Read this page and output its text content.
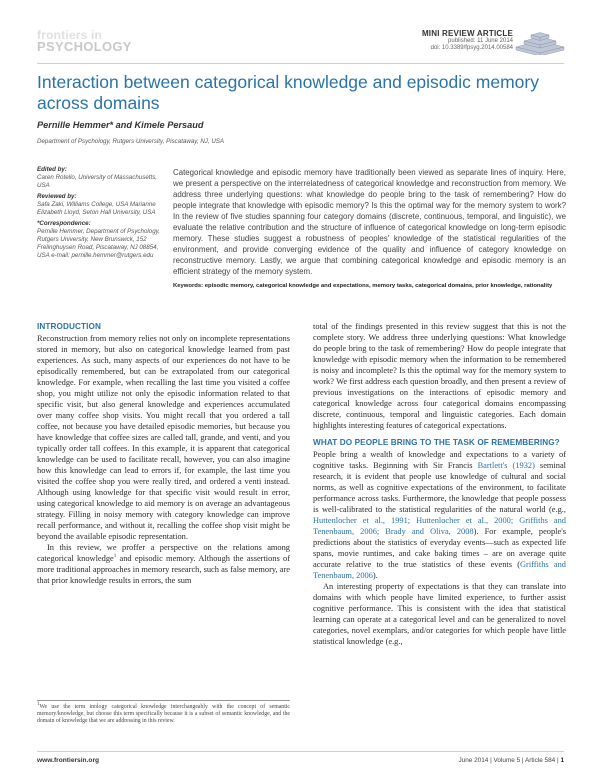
frontiers in
PSYCHOLOGY
MINI REVIEW ARTICLE
published: 11 June 2014
doi: 10.3389/fpsyg.2014.00584
Interaction between categorical knowledge and episodic memory across domains
Pernille Hemmer* and Kimele Persaud
Department of Psychology, Rutgers University, Piscataway, NJ, USA
Edited by:
Caren Rotello, University of Massachusetts, USA
Reviewed by:
Safa Zaki, Williams College, USA Marianne Elizabeth Lloyd, Seton Hall University, USA
*Correspondence:
Pernille Hemmer, Department of Psychology, Rutgers University, New Brunswick, 152 Frelinghuysen Road, Piscataway, NJ 08854, USA e-mail: pernille.hemmer@rutgers.edu

Categorical knowledge and episodic memory have traditionally been viewed as separate lines of inquiry. Here, we present a perspective on the interrelatedness of categorical knowledge and reconstruction from memory. We address three underlying questions: what knowledge do people bring to the task of remembering? How do people integrate that knowledge with episodic memory? Is this the optimal way for the memory system to work? In the review of five studies spanning four category domains (discrete, continuous, temporal, and linguistic), we evaluate the relative contribution and the structure of influence of categorical knowledge on long-term episodic memory. These studies suggest a robustness of peoples' knowledge of the statistical regularities of the environment, and provide converging evidence of the quality and influence of category knowledge on reconstructive memory. Lastly, we argue that combining categorical knowledge and episodic memory is an efficient strategy of the memory system.

Keywords: episodic memory, categorical knowledge and expectations, memory tasks, categorical domains, prior knowledge, rationality
INTRODUCTION

Reconstruction from memory relies not only on incomplete representations stored in memory, but also on categorical knowledge learned from past experiences. As such, many aspects of our experiences do not have to be episodically remembered, but can be extrapolated from our categorical knowledge. For example, when recalling the last time you visited a coffee shop, you might utilize not only the episodic information related to that specific visit, but also general knowledge and experiences accumulated over many coffee shop visits. You might recall that you ordered a tall coffee, not because you have detailed episodic memories, but because you have knowledge that coffee sizes are called tall, grande, and venti, and you typically order tall coffees. In this example, it is apparent that categorical knowledge can be used to facilitate recall, however, you can also imagine how this knowledge can lead to errors if, for example, the last time you visited the coffee shop you were really tired, and ordered a venti instead. Although using knowledge for that specific visit would result in error, using categorical knowledge to aid memory is on average an advantageous strategy. Filling in noisy memory with category knowledge can improve recall performance, and without it, recalling the coffee shop visit might be beyond the available episodic representation.

In this review, we proffer a perspective on the relations among categorical knowledge$^1$ and episodic memory. Although the assertions of more traditional approaches in memory research, such as false memory, are that prior knowledge results in errors, the sum

$^1$We use the term inology categorical knowledge interchangeably with the concept of semantic memory/knowledge, but choose this term specifically because it is a subset of semantic knowledge, and the domain of knowledge that we are addressing in this review.

total of the findings presented in this review suggest that this is not the complete story. We address three underlying questions: What knowledge do people bring to the task of remembering? How do people integrate that knowledge with episodic memory when the information to be remembered is noisy and incomplete? Is this the optimal way for the memory system to work? We first address each question broadly, and then present a review of previous investigations on the interactions of episodic memory and categorical knowledge across four categorical domains encompassing discrete, continuous, temporal and linguistic categories. Each domain highlights interesting features of categorical expectations.

WHAT DO PEOPLE BRING TO THE TASK OF REMEMBERING?

People bring a wealth of knowledge and expectations to a variety of cognitive tasks. Beginning with Sir Francis Bartlett's (1932) seminal research, it is evident that people use knowledge of cultural and social norms, as well as cognitive expectations of the environment, to facilitate performance across tasks. Furthermore, the knowledge that people possess is well-calibrated to the statistical regularities of the natural world (e.g., Huttenlocher et al., 1991; Huttenlocher et al., 2000; Griffiths and Tenenbaum, 2006; Brady and Oliva, 2008). For example, people's predictions about the statistics of everyday events—such as expected life spans, movie runtimes, and cake baking times – are on average quite accurate relative to the true statistics of these events (Griffiths and Tenenbaum, 2006).

An interesting property of expectations is that they can translate into domains with which people have limited experience, to further assist cognitive performance. This is consistent with the idea that statistical learning can operate at a categorical level and can be generalized to novel categories, novel exemplars, and/or categories for which people have little statistical knowledge (e.g.,

www.frontiersin.org	June 2014 | Volume 5 | Article 584 | 1
